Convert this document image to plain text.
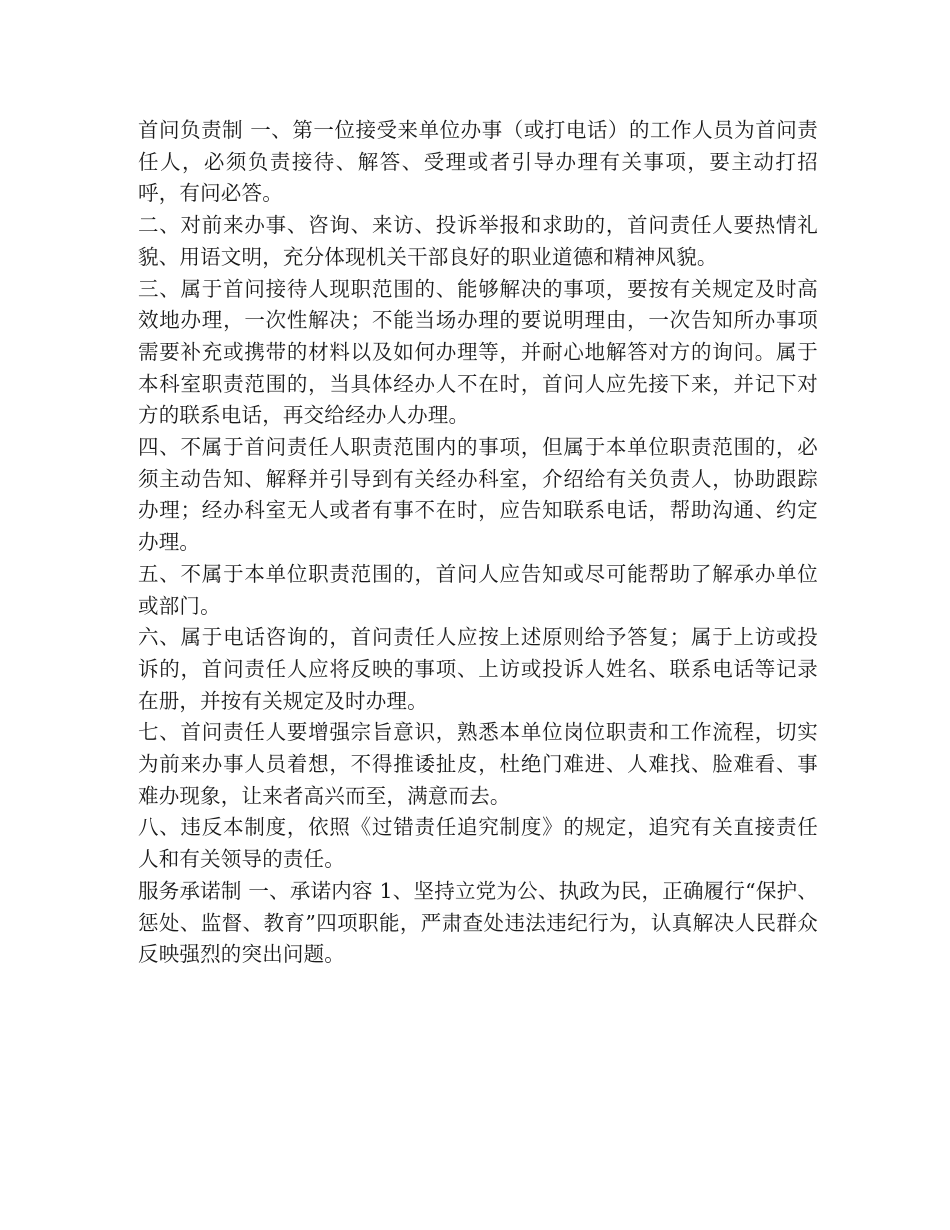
首问负责制 一、第一位接受来单位办事（或打电话）的工作人员为首问责任人，必须负责接待、解答、受理或者引导办理有关事项，要主动打招呼，有问必答。

二、对前来办事、咨询、来访、投诉举报和求助的，首问责任人要热情礼貌、用语文明，充分体现机关干部良好的职业道德和精神风貌。

三、属于首问接待人现职范围的、能够解决的事项，要按有关规定及时高效地办理，一次性解决；不能当场办理的要说明理由，一次告知所办事项需要补充或携带的材料以及如何办理等，并耐心地解答对方的询问。属于本科室职责范围的，当具体经办人不在时，首问人应先接下来，并记下对方的联系电话，再交给经办人办理。

四、不属于首问责任人职责范围内的事项，但属于本单位职责范围的，必须主动告知、解释并引导到有关经办科室，介绍给有关负责人，协助跟踪办理；经办科室无人或者有事不在时，应告知联系电话，帮助沟通、约定办理。

五、不属于本单位职责范围的，首问人应告知或尽可能帮助了解承办单位或部门。

六、属于电话咨询的，首问责任人应按上述原则给予答复；属于上访或投诉的，首问责任人应将反映的事项、上访或投诉人姓名、联系电话等记录在册，并按有关规定及时办理。

七、首问责任人要增强宗旨意识，熟悉本单位岗位职责和工作流程，切实为前来办事人员着想，不得推诿扯皮，杜绝门难进、人难找、脸难看、事难办现象，让来者高兴而至，满意而去。

八、违反本制度，依照《过错责任追究制度》的规定，追究有关直接责任人和有关领导的责任。

服务承诺制 一、承诺内容 1、坚持立党为公、执政为民，正确履行“保护、惩处、监督、教育”四项职能，严肃查处违法违纪行为，认真解决人民群众反映强烈的突出问题。
